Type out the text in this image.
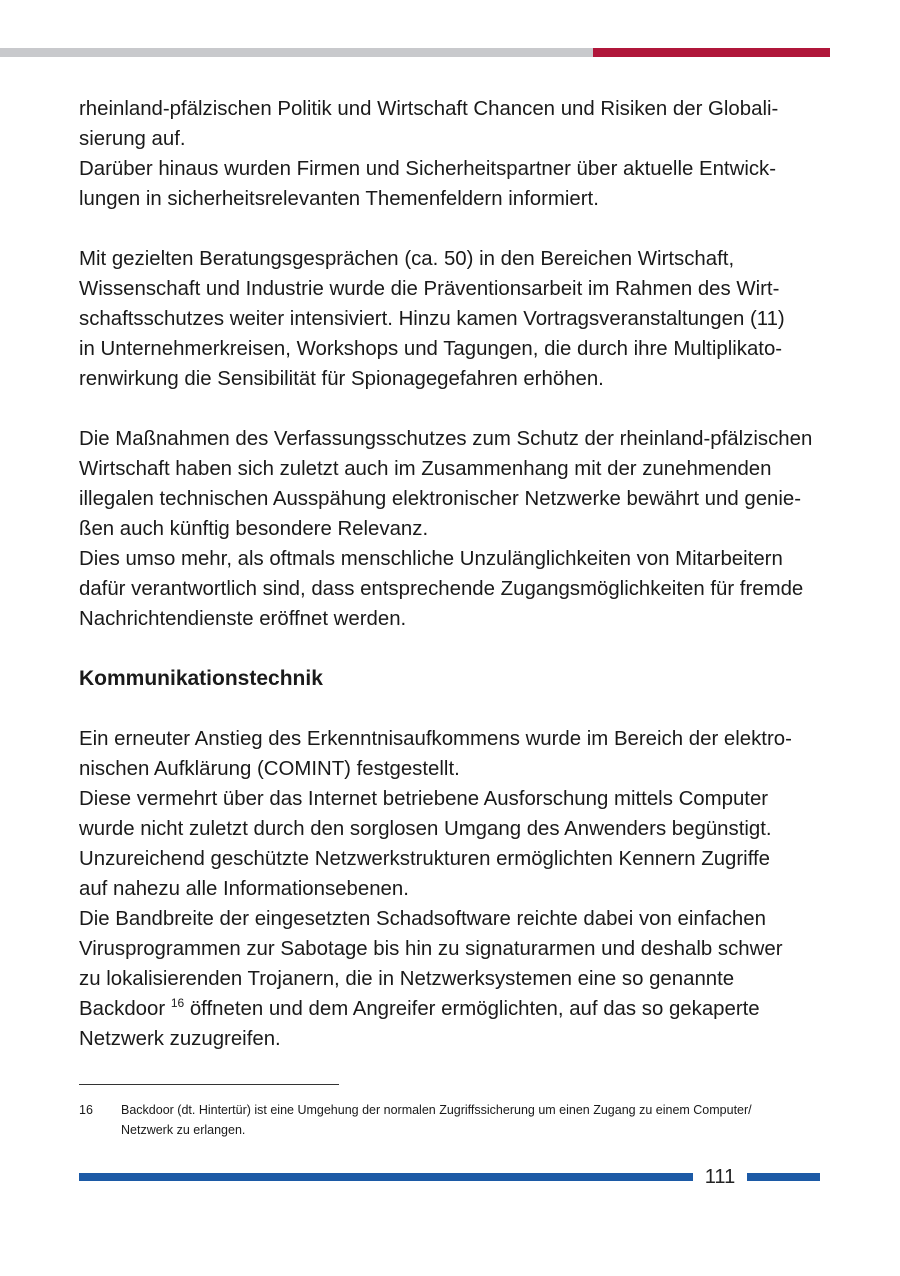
rheinland-pfälzischen Politik und Wirtschaft Chancen und Risiken der Globali-

sierung auf.

Darüber hinaus wurden Firmen und Sicherheitspartner über aktuelle Entwick-

lungen in sicherheitsrelevanten Themenfeldern informiert.

Mit gezielten Beratungsgesprächen (ca. 50) in den Bereichen Wirtschaft,

Wissenschaft und Industrie wurde die Präventionsarbeit im Rahmen des Wirt-

schaftsschutzes weiter intensiviert. Hinzu kamen Vortragsveranstaltungen (11)

in Unternehmerkreisen, Workshops und Tagungen, die durch ihre Multiplikato-

renwirkung die Sensibilität für Spionagegefahren erhöhen.

Die Maßnahmen des Verfassungsschutzes zum Schutz der rheinland-pfälzischen

Wirtschaft haben sich zuletzt auch im Zusammenhang mit der zunehmenden

illegalen technischen Ausspähung elektronischer Netzwerke bewährt und genie-

ßen auch künftig besondere Relevanz.

Dies umso mehr, als oftmals menschliche Unzulänglichkeiten von Mitarbeitern

dafür verantwortlich sind, dass entsprechende Zugangsmöglichkeiten für fremde

Nachrichtendienste eröffnet werden.

Kommunikationstechnik

Ein erneuter Anstieg des Erkenntnisaufkommens wurde im Bereich der elektro-

nischen Aufklärung (COMINT) festgestellt.

Diese vermehrt über das Internet betriebene Ausforschung mittels Computer

wurde nicht zuletzt durch den sorglosen Umgang des Anwenders begünstigt.

Unzureichend geschützte Netzwerkstrukturen ermöglichten Kennern Zugriffe

auf nahezu alle Informationsebenen.

Die Bandbreite der eingesetzten Schadsoftware reichte dabei von einfachen

Virusprogrammen zur Sabotage bis hin zu signaturarmen und deshalb schwer

zu lokalisierenden Trojanern, die in Netzwerksystemen eine so genannte

Backdoor $^{16}$ öffneten und dem Angreifer ermöglichten, auf das so gekaperte

Netzwerk zuzugreifen.

16	Backdoor (dt. Hintertür) ist eine Umgehung der normalen Zugriffssicherung um einen Zugang zu einem Computer/
Netzwerk zu erlangen.
111
